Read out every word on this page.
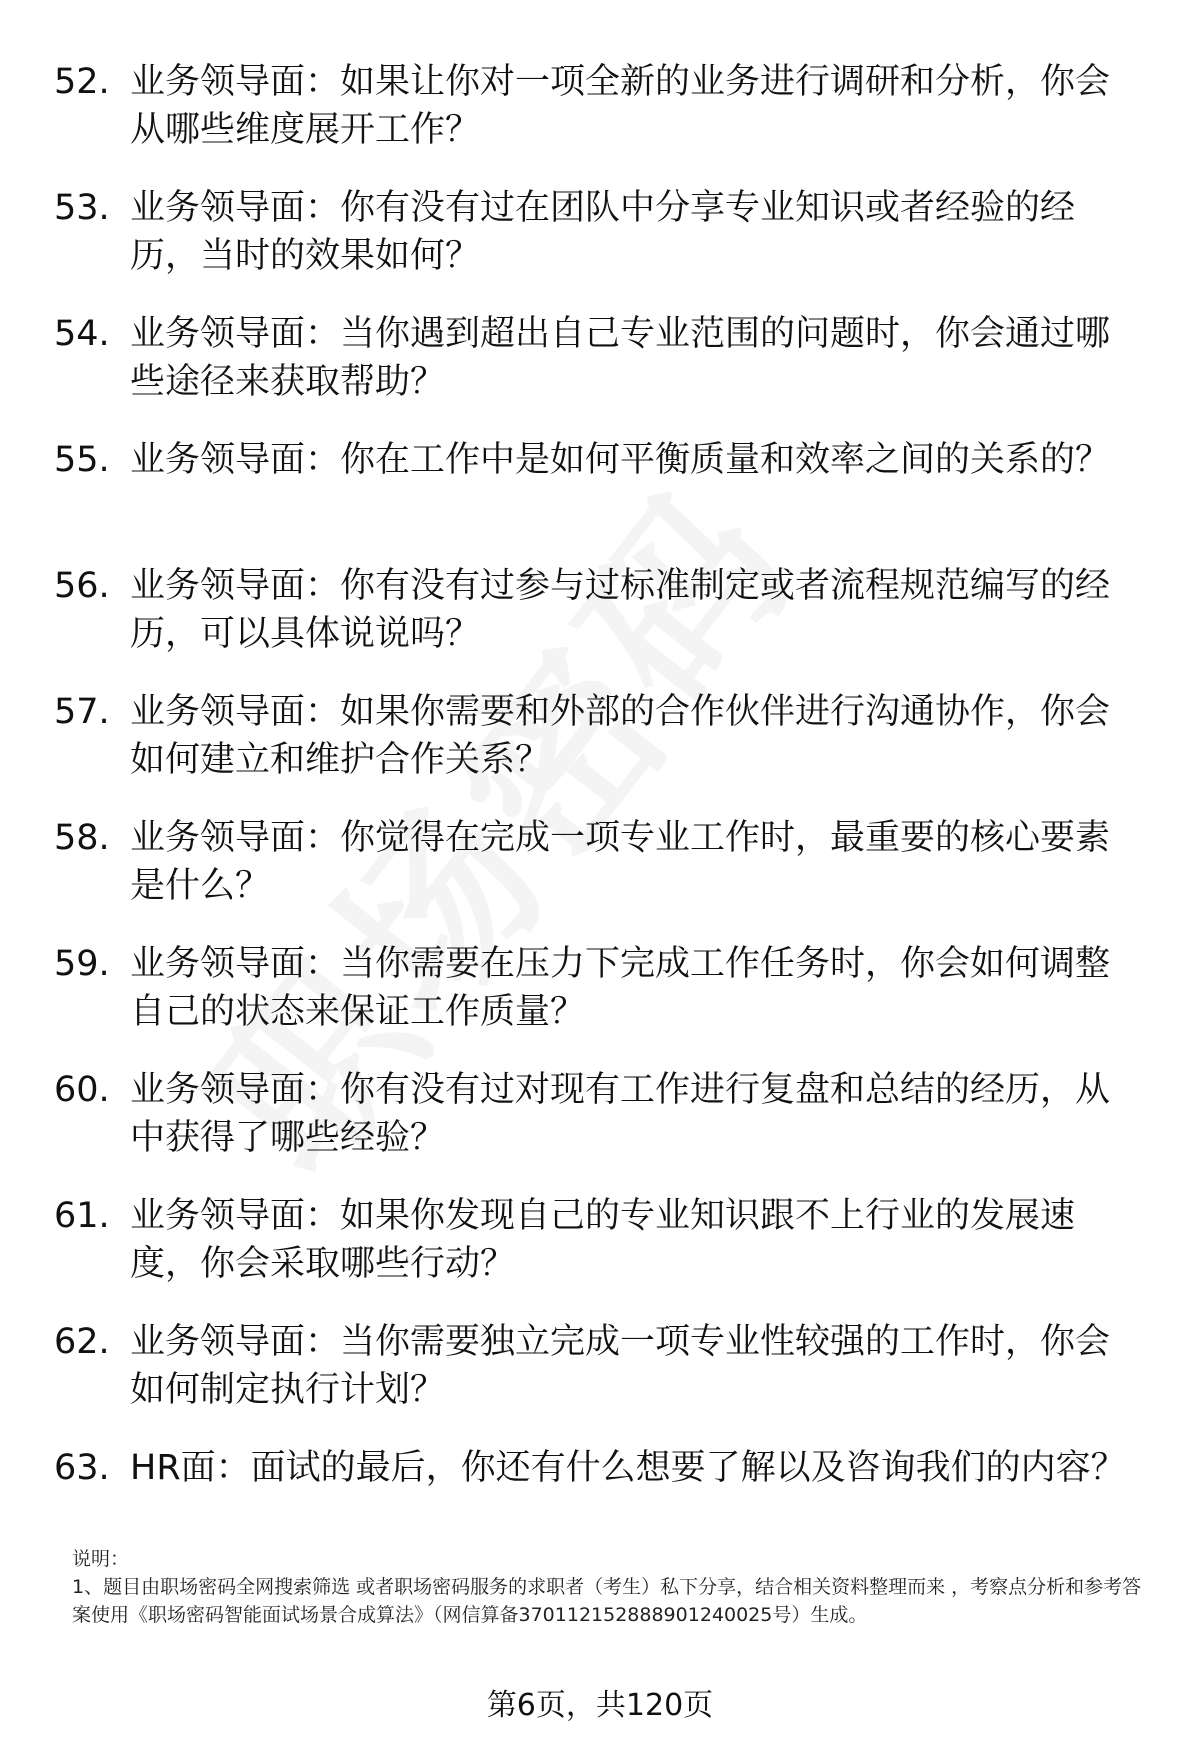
52. 业务领导面：如果让你对一项全新的业务进行调研和分析，你会从哪些维度展开工作？
53. 业务领导面：你有没有过在团队中分享专业知识或者经验的经历，当时的效果如何？
54. 业务领导面：当你遇到超出自己专业范围的问题时，你会通过哪些途径来获取帮助？
55. 业务领导面：你在工作中是如何平衡质量和效率之间的关系的？
56. 业务领导面：你有没有过参与过标准制定或者流程规范编写的经历，可以具体说说吗？
57. 业务领导面：如果你需要和外部的合作伙伴进行沟通协作，你会如何建立和维护合作关系？
58. 业务领导面：你觉得在完成一项专业工作时，最重要的核心要素是什么？
59. 业务领导面：当你需要在压力下完成工作任务时，你会如何调整自己的状态来保证工作质量？
60. 业务领导面：你有没有过对现有工作进行复盘和总结的经历，从中获得了哪些经验？
61. 业务领导面：如果你发现自己的专业知识跟不上行业的发展速度，你会采取哪些行动？
62. 业务领导面：当你需要独立完成一项专业性较强的工作时，你会如何制定执行计划？
63. HR面：面试的最后，你还有什么想要了解以及咨询我们的内容？

说明：

1、题目由职场密码全网搜索筛选 或者职场密码服务的求职者（考生）私下分享，结合相关资料整理而来 ，考察点分析和参考答案使用《职场密码智能面试场景合成算法》（网信算备370112152888901240025号）生成。

第6页，共120页
